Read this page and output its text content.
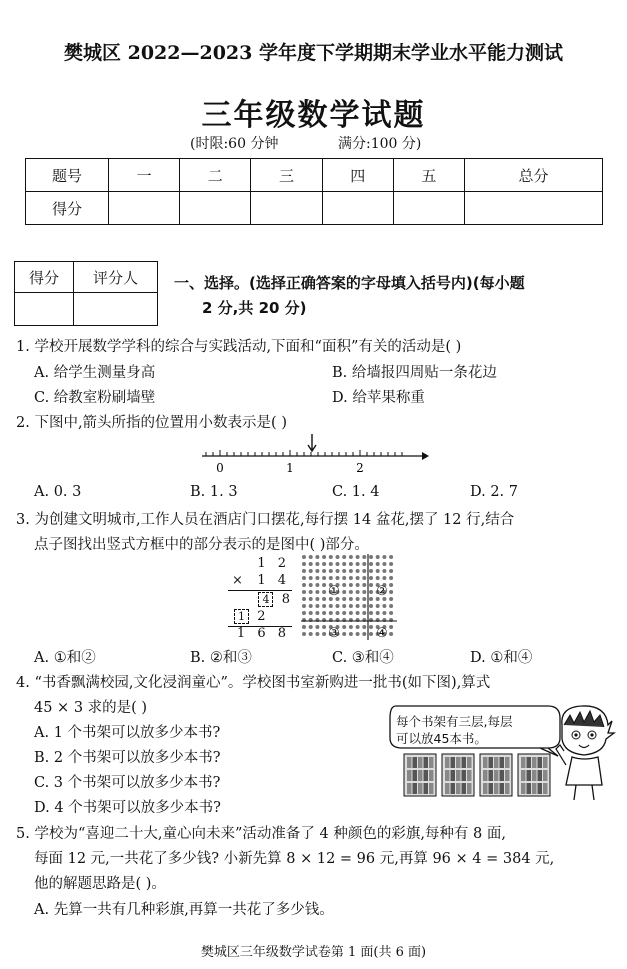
樊城区 2022—2023 学年度下学期期末学业水平能力测试
三年级数学试题
(时限:60 分钟	满分:100 分)
题号	一	二	三	四	五	总分
得分						
得分	评分人
	一、选择。(选择正确答案的字母填入括号内)(每小题
2 分,共 20 分)
1. 学校开展数学学科的综合与实践活动,下面和“面积”有关的活动是( )
A. 给学生测量身高	B. 给墙报四周贴一条花边
C. 给教室粉刷墙壁	D. 给苹果称重
2. 下图中,箭头所指的位置用小数表示是( )
0	1	2
A. 0. 3	B. 1. 3	C. 1. 4	D. 2. 7
3. 为创建文明城市,工作人员在酒店门口摆花,每行摆 14 盆花,摆了 12 行,结合
点子图找出竖式方框中的部分表示的是图中( )部分。
1 2
× 1 4
4 8
1 2
1 6 8
①	②
③	④
A. ①和②	B. ②和③	C. ③和④	D. ①和④
4. “书香飘满校园,文化浸润童心”。学校图书室新购进一批书(如下图),算式
45 × 3 求的是( )
A. 1 个书架可以放多少本书?
B. 2 个书架可以放多少本书?
C. 3 个书架可以放多少本书?
D. 4 个书架可以放多少本书?
每个书架有三层,每层
可以放45本书。
5. 学校为“喜迎二十大,童心向未来”活动准备了 4 种颜色的彩旗,每种有 8 面,
每面 12 元,一共花了多少钱? 小新先算 8 × 12 = 96 元,再算 96 × 4 = 384 元,
他的解题思路是( )。
A. 先算一共有几种彩旗,再算一共花了多少钱。
樊城区三年级数学试卷第 1 面(共 6 面)
